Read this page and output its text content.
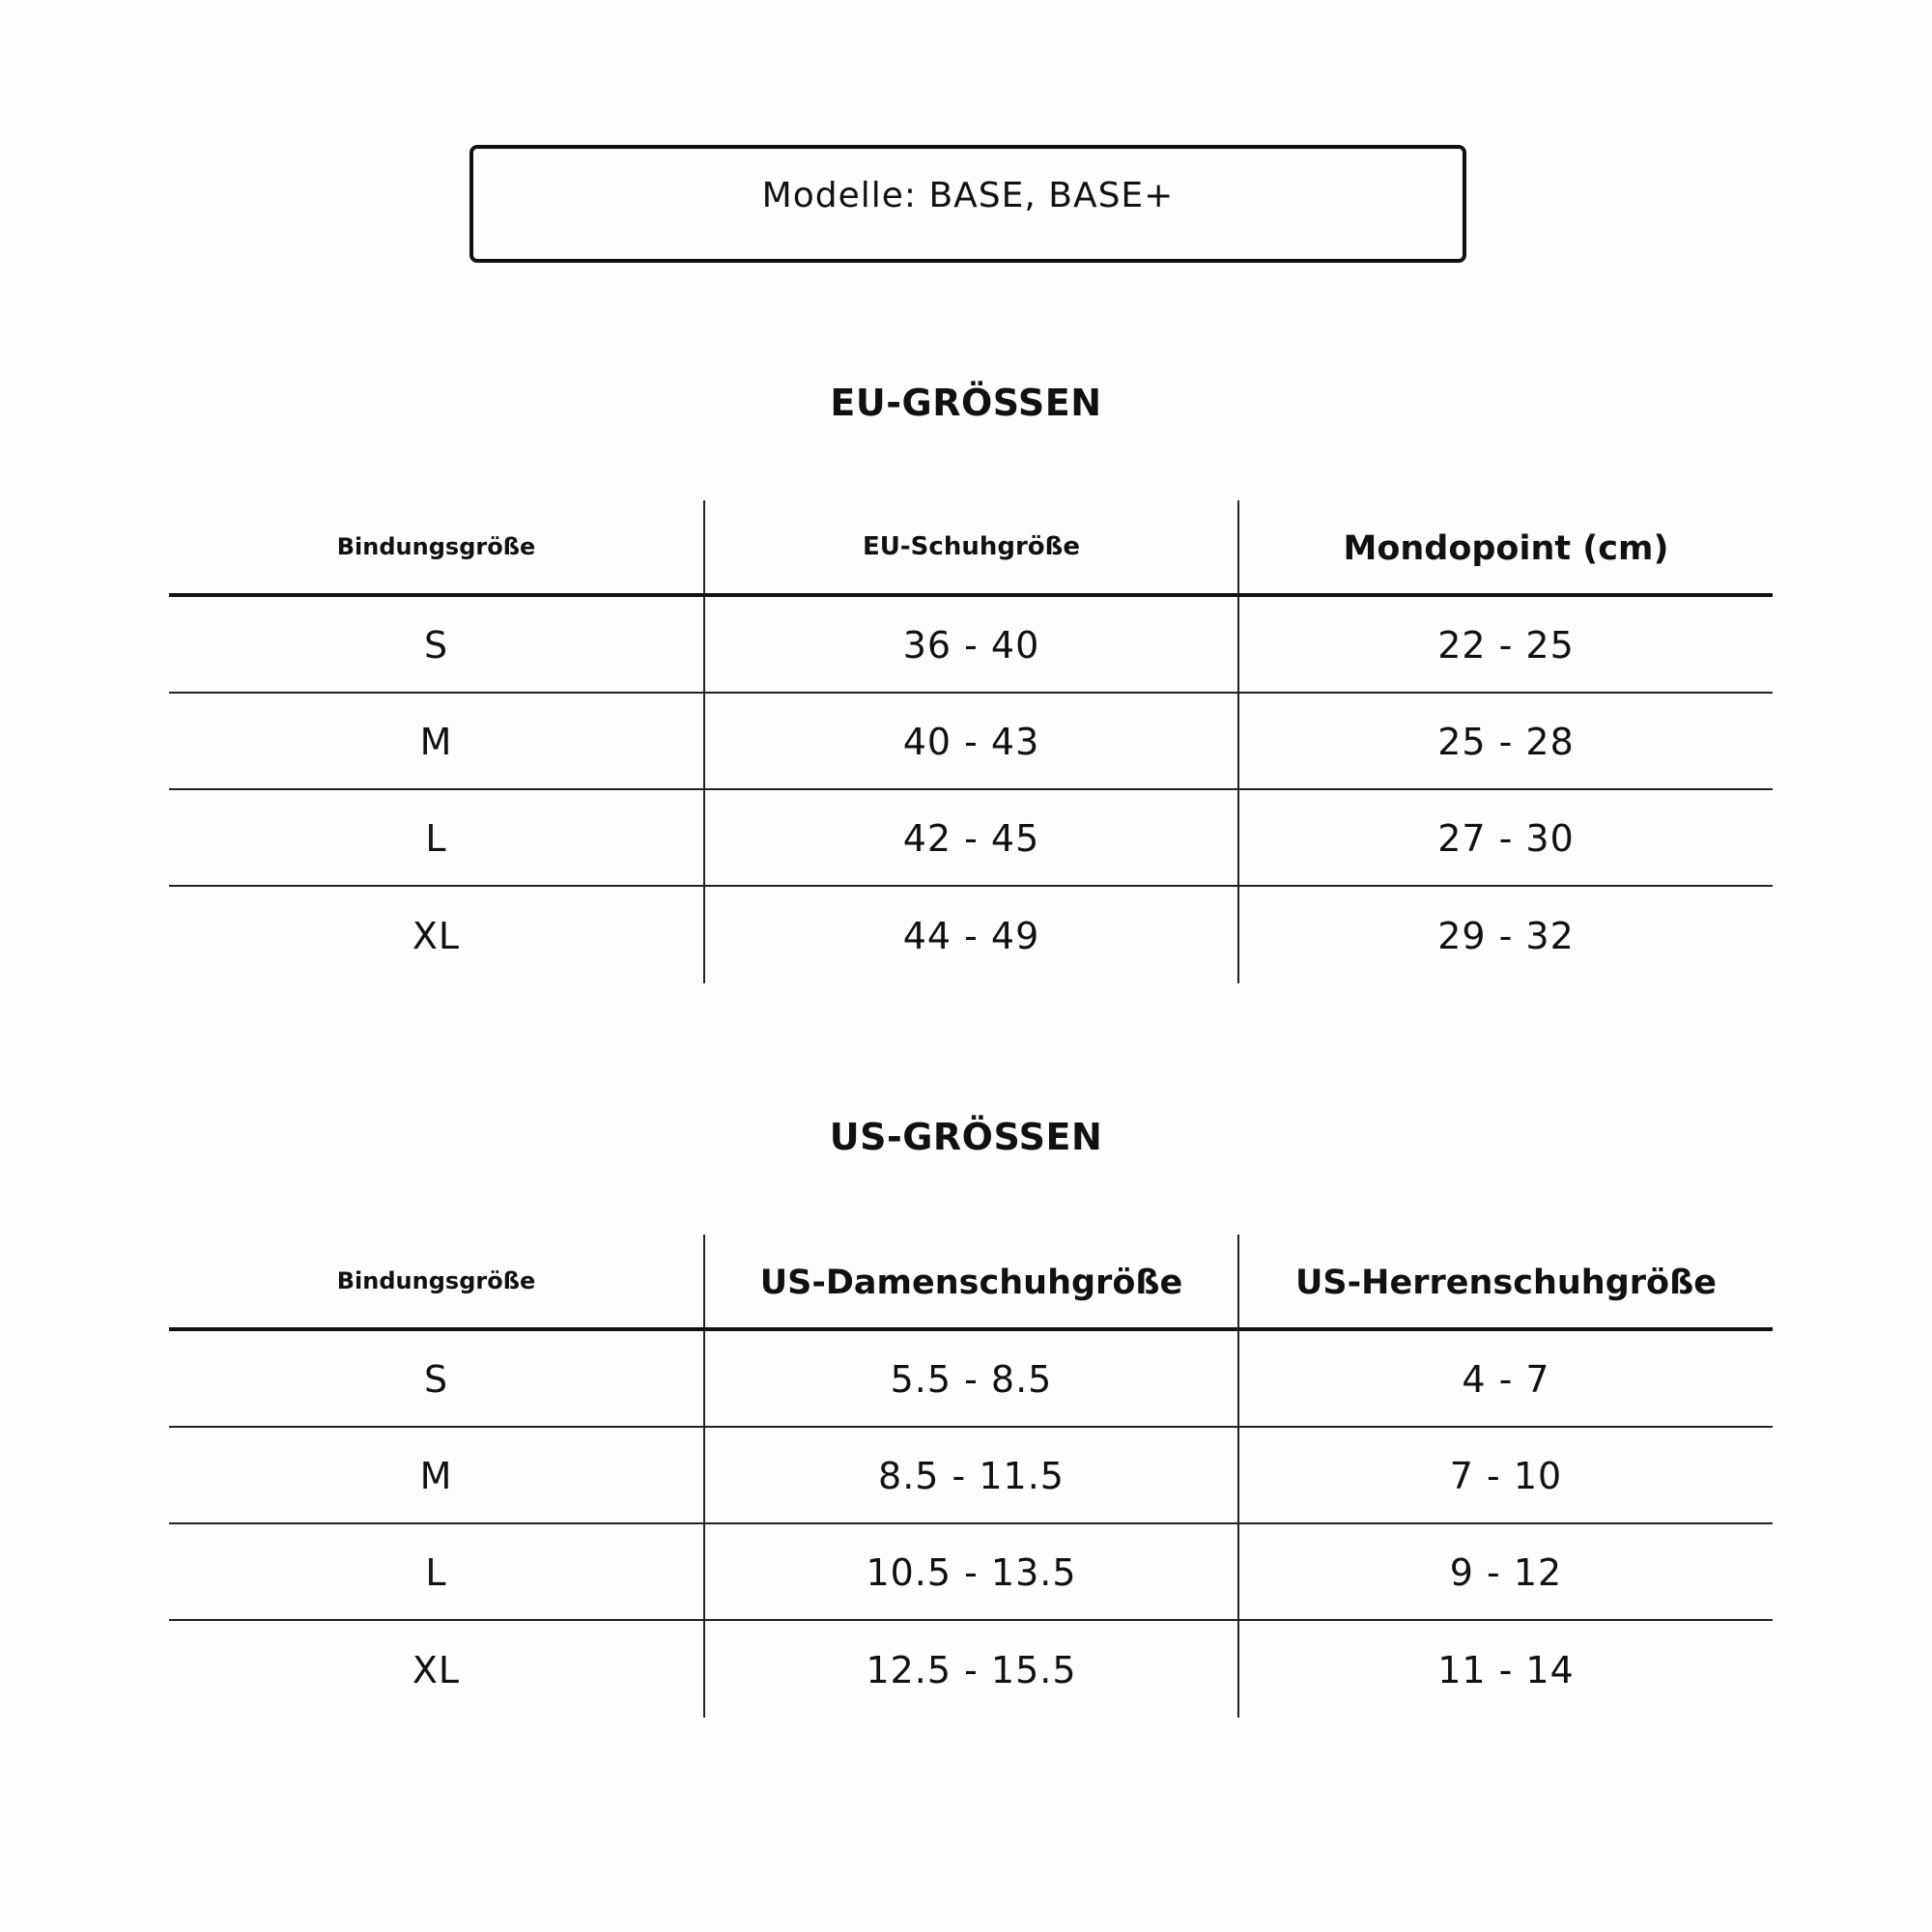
Modelle: BASE, BASE+
EU-GRÖSSEN
Bindungsgröße	EU-Schuhgröße	Mondopoint (cm)
S	36 - 40	22 - 25
M	40 - 43	25 - 28
L	42 - 45	27 - 30
XL	44 - 49	29 - 32
US-GRÖSSEN
Bindungsgröße	US-Damenschuhgröße	US-Herrenschuhgröße
S	5.5 - 8.5	4 - 7
M	8.5 - 11.5	7 - 10
L	10.5 - 13.5	9 - 12
XL	12.5 - 15.5	11 - 14
